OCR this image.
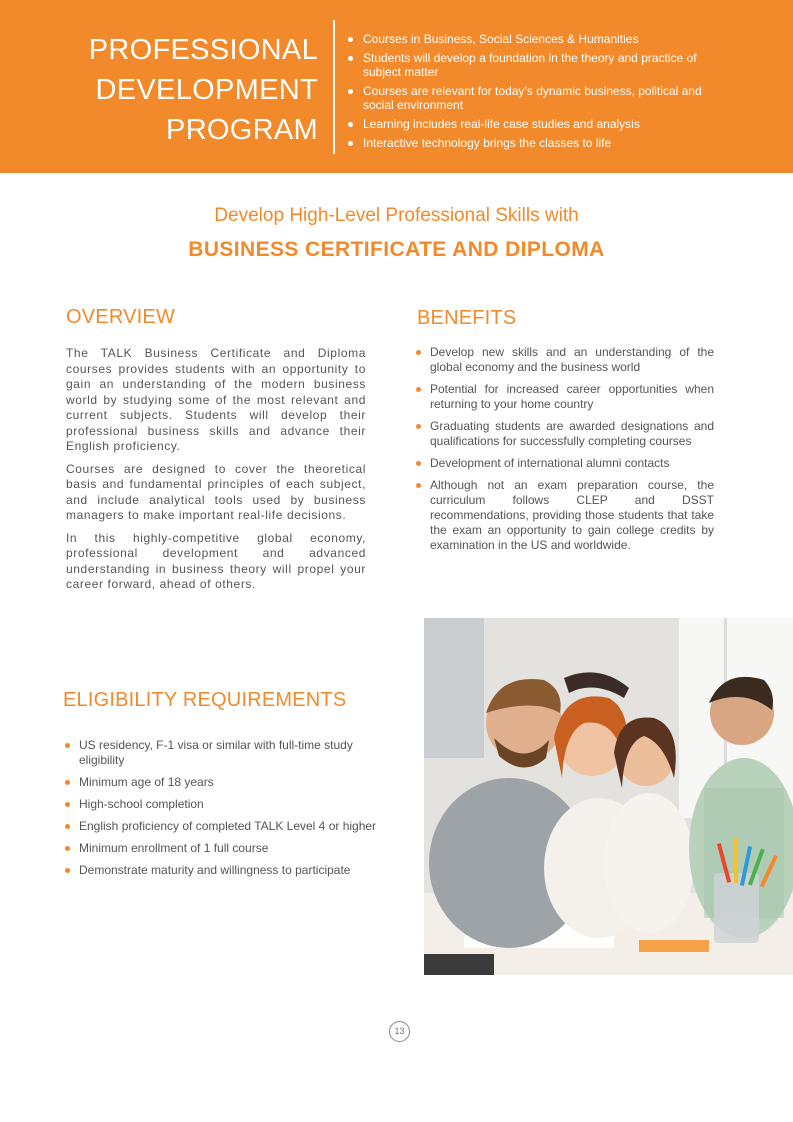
PROFESSIONAL
DEVELOPMENT
PROGRAM
Courses in Business, Social Sciences & Humanities
Students will develop a foundation in the theory and practice of subject matter
Courses are relevant for today’s dynamic business, political and social environment
Learning includes real-life case studies and analysis
Interactive technology brings the classes to life
Develop High-Level Professional Skills with
BUSINESS CERTIFICATE AND DIPLOMA
OVERVIEW

The TALK Business Certificate and Diploma courses provides students with an opportunity to gain an understanding of the modern business world by studying some of the most relevant and current subjects. Students will develop their professional business skills and advance their English proficiency.

Courses are designed to cover the theoretical basis and fundamental principles of each subject, and include analytical tools used by business managers to make important real-life decisions.

In this highly-competitive global economy, professional development and advanced understanding in business theory will propel your career forward, ahead of others.

BENEFITS
Develop new skills and an understanding of the global economy and the business world
Potential for increased career opportunities when returning to your home country
Graduating students are awarded designations and qualifications for successfully completing courses
Development of international alumni contacts
Although not an exam preparation course, the curriculum follows CLEP and DSST recommendations, providing those students that take the exam an opportunity to gain college credits by examination in the US and worldwide.
ELIGIBILITY REQUIREMENTS
US residency, F-1 visa or similar with full-time study eligibility
Minimum age of 18 years
High-school completion
English proficiency of completed TALK Level 4 or higher
Minimum enrollment of 1 full course
Demonstrate maturity and willingness to participate
13
